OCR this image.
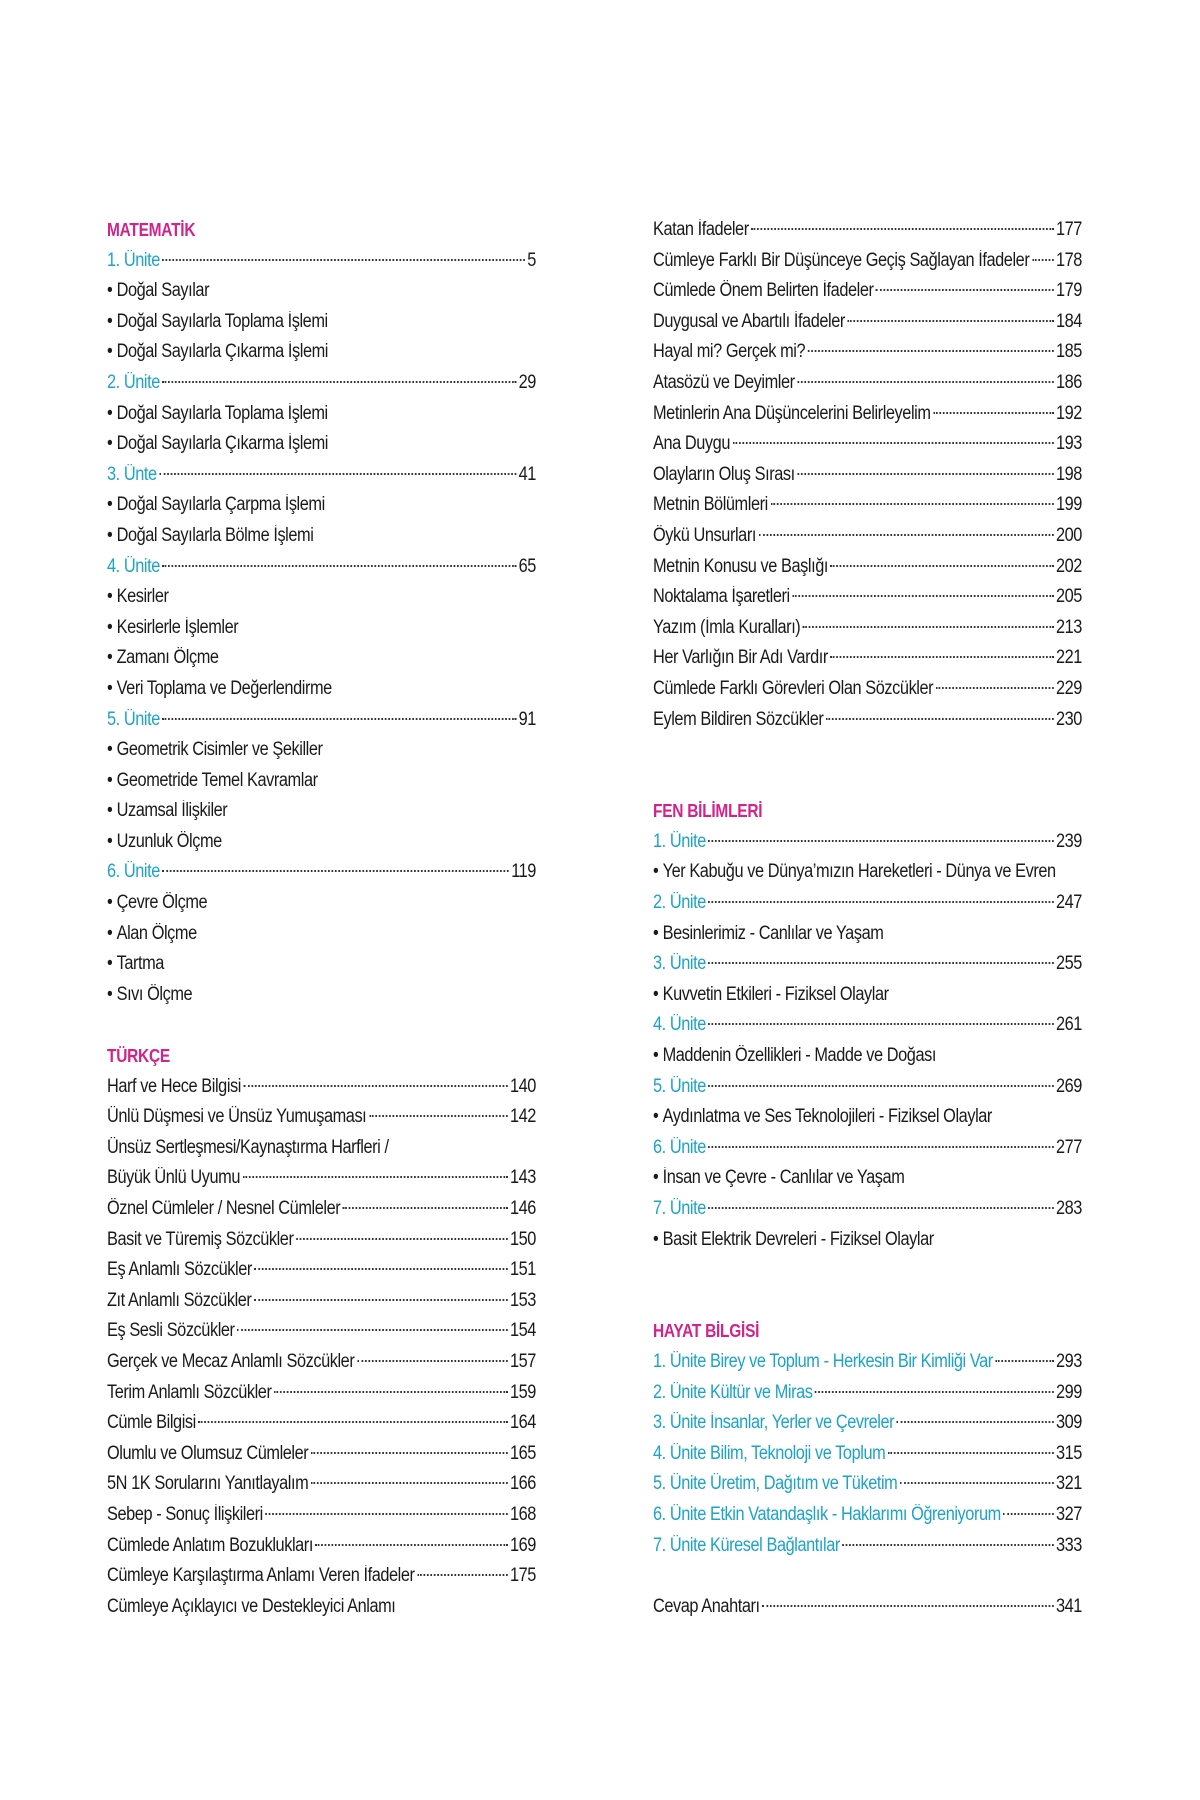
MATEMATİK
1. Ünite	5
• Doğal Sayılar
• Doğal Sayılarla Toplama İşlemi
• Doğal Sayılarla Çıkarma İşlemi
2. Ünite	29
• Doğal Sayılarla Toplama İşlemi
• Doğal Sayılarla Çıkarma İşlemi
3. Ünte	41
• Doğal Sayılarla Çarpma İşlemi
• Doğal Sayılarla Bölme İşlemi
4. Ünite	65
• Kesirler
• Kesirlerle İşlemler
• Zamanı Ölçme
• Veri Toplama ve Değerlendirme
5. Ünite	91
• Geometrik Cisimler ve Şekiller
• Geometride Temel Kavramlar
• Uzamsal İlişkiler
• Uzunluk Ölçme
6. Ünite	119
• Çevre Ölçme
• Alan Ölçme
• Tartma
• Sıvı Ölçme
TÜRKÇE
Harf ve Hece Bilgisi	140
Ünlü Düşmesi ve Ünsüz Yumuşaması	142
Ünsüz Sertleşmesi/Kaynaştırma Harfleri /
Büyük Ünlü Uyumu	143
Öznel Cümleler / Nesnel Cümleler	146
Basit ve Türemiş Sözcükler	150
Eş Anlamlı Sözcükler	151
Zıt Anlamlı Sözcükler	153
Eş Sesli Sözcükler	154
Gerçek ve Mecaz Anlamlı Sözcükler	157
Terim Anlamlı Sözcükler	159
Cümle Bilgisi	164
Olumlu ve Olumsuz Cümleler	165
5N 1K Sorularını Yanıtlayalım	166
Sebep - Sonuç İlişkileri	168
Cümlede Anlatım Bozuklukları	169
Cümleye Karşılaştırma Anlamı Veren İfadeler	175
Cümleye Açıklayıcı ve Destekleyici Anlamı
Katan İfadeler	177
Cümleye Farklı Bir Düşünceye Geçiş Sağlayan İfadeler 178
Cümlede Önem Belirten İfadeler	179
Duygusal ve Abartılı İfadeler	184
Hayal mi? Gerçek mi?	185
Atasözü ve Deyimler	186
Metinlerin Ana Düşüncelerini Belirleyelim	192
Ana Duygu	193
Olayların Oluş Sırası	198
Metnin Bölümleri	199
Öykü Unsurları	200
Metnin Konusu ve Başlığı	202
Noktalama İşaretleri	205
Yazım (İmla Kuralları)	213
Her Varlığın Bir Adı Vardır	221
Cümlede Farklı Görevleri Olan Sözcükler	229
Eylem Bildiren Sözcükler	230
FEN BİLİMLERİ
1. Ünite	239
• Yer Kabuğu ve Dünya’mızın Hareketleri - Dünya ve Evren
2. Ünite	247
• Besinlerimiz - Canlılar ve Yaşam
3. Ünite	255
• Kuvvetin Etkileri - Fiziksel Olaylar
4. Ünite	261
• Maddenin Özellikleri - Madde ve Doğası
5. Ünite	269
• Aydınlatma ve Ses Teknolojileri - Fiziksel Olaylar
6. Ünite	277
• İnsan ve Çevre - Canlılar ve Yaşam
7. Ünite	283
• Basit Elektrik Devreleri - Fiziksel Olaylar
HAYAT BİLGİSİ
1. Ünite Birey ve Toplum - Herkesin Bir Kimliği Var	293
2. Ünite Kültür ve Miras	299
3. Ünite İnsanlar, Yerler ve Çevreler	309
4. Ünite Bilim, Teknoloji ve Toplum	315
5. Ünite Üretim, Dağıtım ve Tüketim	321
6. Ünite Etkin Vatandaşlık - Haklarımı Öğreniyorum	327
7. Ünite Küresel Bağlantılar	333
Cevap Anahtarı	341
